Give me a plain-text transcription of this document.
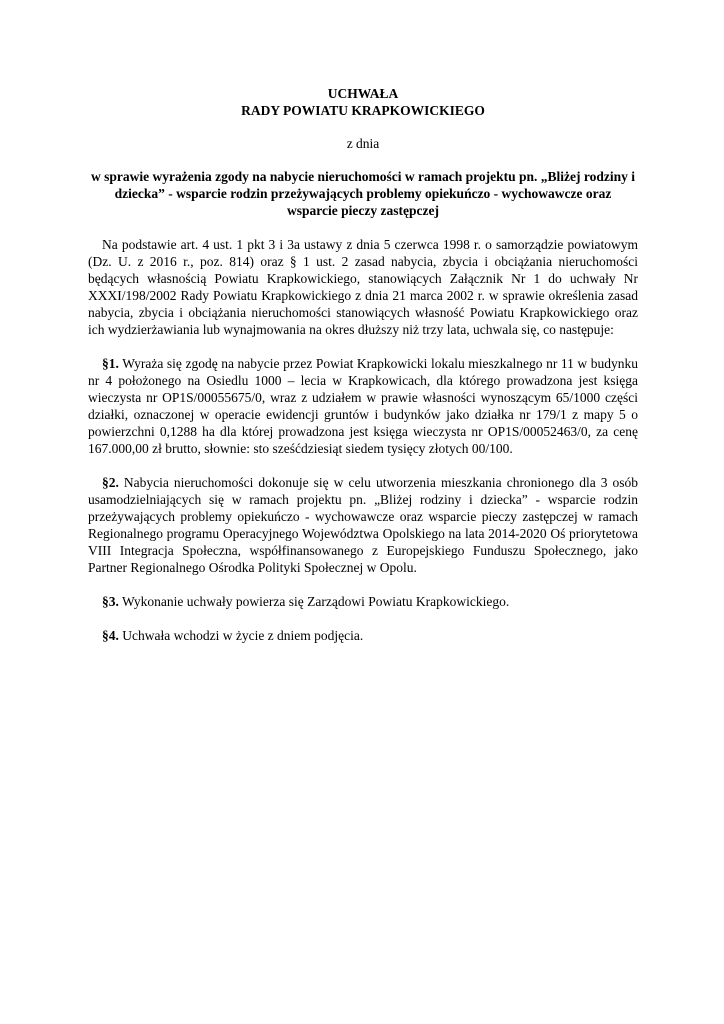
UCHWAŁA
RADY POWIATU KRAPKOWICKIEGO

z dnia

w sprawie wyrażenia zgody na nabycie nieruchomości w ramach projektu pn. „Bliżej rodziny i dziecka” - wsparcie rodzin przeżywających problemy opiekuńczo - wychowawcze oraz wsparcie pieczy zastępczej

Na podstawie art. 4 ust. 1 pkt 3 i 3a ustawy z dnia 5 czerwca 1998 r. o samorządzie powiatowym (Dz. U. z 2016 r., poz. 814) oraz § 1 ust. 2 zasad nabycia, zbycia i obciążania nieruchomości będących własnością Powiatu Krapkowickiego, stanowiących Załącznik Nr 1 do uchwały Nr XXXI/198/2002 Rady Powiatu Krapkowickiego z dnia 21 marca 2002 r. w sprawie określenia zasad nabycia, zbycia i obciążania nieruchomości stanowiących własność Powiatu Krapkowickiego oraz ich wydzierżawiania lub wynajmowania na okres dłuższy niż trzy lata, uchwala się, co następuje:

§1. Wyraża się zgodę na nabycie przez Powiat Krapkowicki lokalu mieszkalnego nr 11 w budynku nr 4 położonego na Osiedlu 1000 – lecia w Krapkowicach, dla którego prowadzona jest księga wieczysta nr OP1S/00055675/0, wraz z udziałem w prawie własności wynoszącym 65/1000 części działki, oznaczonej w operacie ewidencji gruntów i budynków jako działka nr 179/1 z mapy 5 o powierzchni 0,1288 ha dla której prowadzona jest księga wieczysta nr OP1S/00052463/0, za cenę 167.000,00 zł brutto, słownie: sto sześćdziesiąt siedem tysięcy złotych 00/100.

§2. Nabycia nieruchomości dokonuje się w celu utworzenia mieszkania chronionego dla 3 osób usamodzielniających się w ramach projektu pn. „Bliżej rodziny i dziecka” - wsparcie rodzin przeżywających problemy opiekuńczo - wychowawcze oraz wsparcie pieczy zastępczej w ramach Regionalnego programu Operacyjnego Województwa Opolskiego na lata 2014-2020 Oś priorytetowa VIII Integracja Społeczna, współfinansowanego z Europejskiego Funduszu Społecznego, jako Partner Regionalnego Ośrodka Polityki Społecznej w Opolu.

§3. Wykonanie uchwały powierza się Zarządowi Powiatu Krapkowickiego.

§4. Uchwała wchodzi w życie z dniem podjęcia.
